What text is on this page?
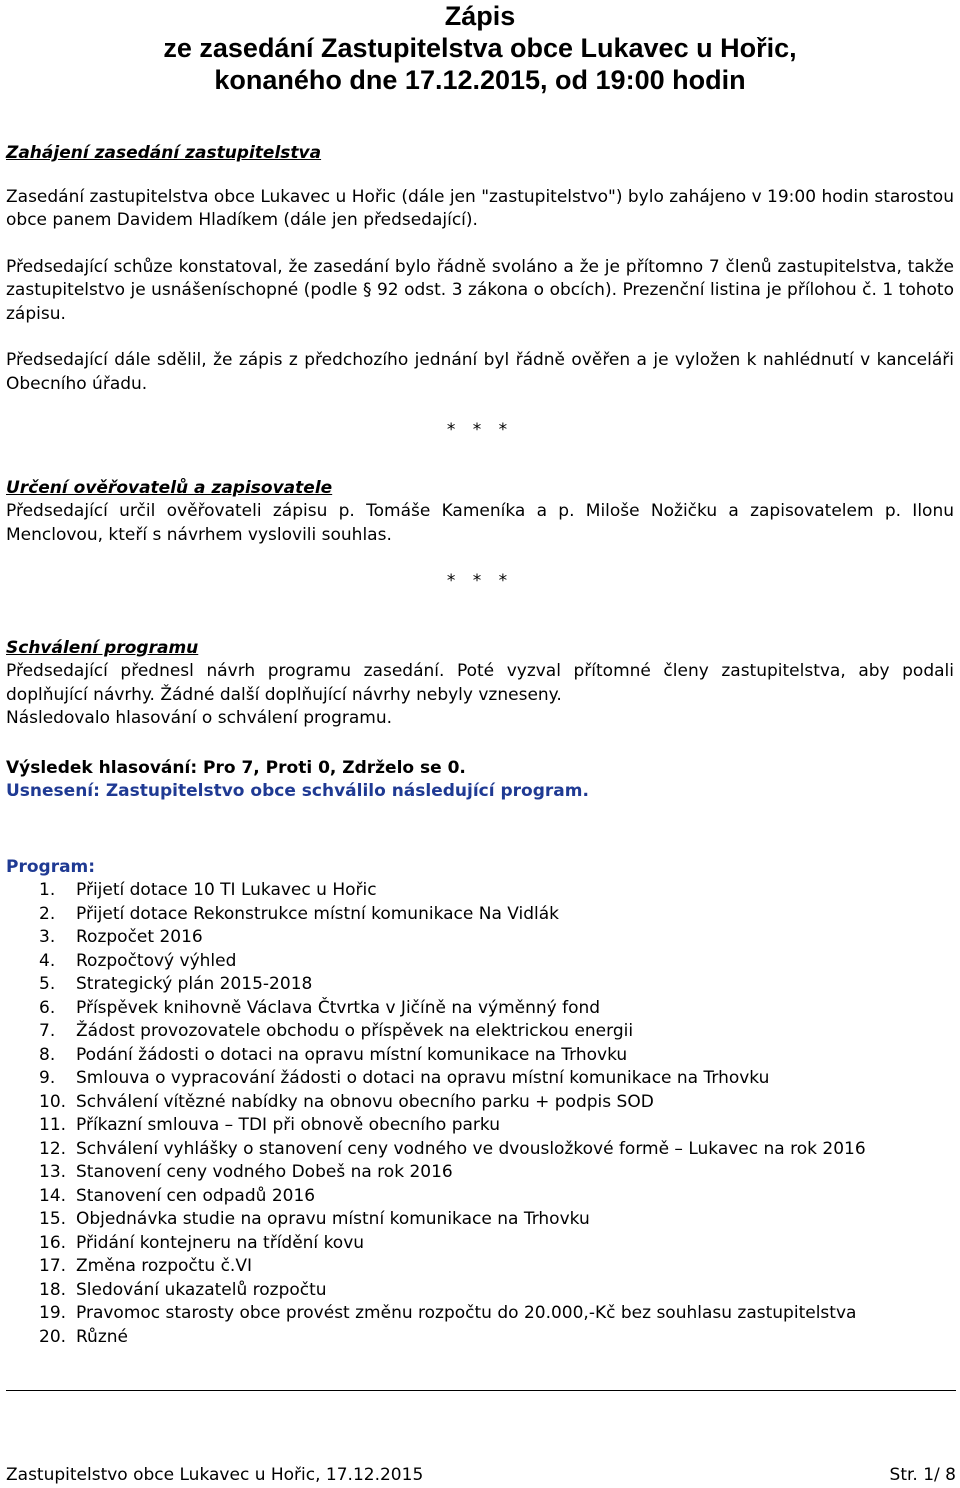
Zápis
ze zasedání Zastupitelstva obce Lukavec u Hořic,
konaného dne 17.12.2015, od 19:00 hodin

Zahájení zasedání zastupitelstva

Zasedání zastupitelstva obce Lukavec u Hořic (dále jen "zastupitelstvo") bylo zahájeno v 19:00 hodin starostou obce panem Davidem Hladíkem (dále jen předsedající).

Předsedající schůze konstatoval, že zasedání bylo řádně svoláno a že je přítomno 7 členů zastupitelstva, takže zastupitelstvo je usnášeníschopné (podle § 92 odst. 3 zákona o obcích). Prezenční listina je přílohou č. 1 tohoto zápisu.

Předsedající dále sdělil, že zápis z předchozího jednání byl řádně ověřen a je vyložen k nahlédnutí v kanceláři Obecního úřadu.

* * *

Určení ověřovatelů a zapisovatele

Předsedající určil ověřovateli zápisu p. Tomáše Kameníka a p. Miloše Nožičku a zapisovatelem p. Ilonu Menclovou, kteří s návrhem vyslovili souhlas.

* * *

Schválení programu

Předsedající přednesl návrh programu zasedání. Poté vyzval přítomné členy zastupitelstva, aby podali doplňující návrhy. Žádné další doplňující návrhy nebyly vzneseny.

Následovalo hlasování o schválení programu.

Výsledek hlasování: Pro 7, Proti 0, Zdrželo se 0.

Usnesení: Zastupitelstvo obce schválilo následující program.

Program:

1.	Přijetí dotace 10 TI Lukavec u Hořic
2.	Přijetí dotace Rekonstrukce místní komunikace Na Vidlák
3.	Rozpočet 2016
4.	Rozpočtový výhled
5.	Strategický plán 2015-2018
6.	Příspěvek knihovně Václava Čtvrtka v Jičíně na výměnný fond
7.	Žádost provozovatele obchodu o příspěvek na elektrickou energii
8.	Podání žádosti o dotaci na opravu místní komunikace na Trhovku
9.	Smlouva o vypracování žádosti o dotaci na opravu místní komunikace na Trhovku
10. Schválení vítězné nabídky na obnovu obecního parku + podpis SOD
11. Příkazní smlouva – TDI při obnově obecního parku
12. Schválení vyhlášky o stanovení ceny vodného ve dvousložkové formě – Lukavec na rok 2016
13. Stanovení ceny vodného Dobeš na rok 2016
14. Stanovení cen odpadů 2016
15. Objednávka studie na opravu místní komunikace na Trhovku
16. Přidání kontejneru na třídění kovu
17. Změna rozpočtu č.VI
18. Sledování ukazatelů rozpočtu
19. Pravomoc starosty obce provést změnu rozpočtu do 20.000,-Kč bez souhlasu zastupitelstva
20. Různé
Zastupitelstvo obce Lukavec u Hořic, 17.12.2015	Str. 1/ 8
